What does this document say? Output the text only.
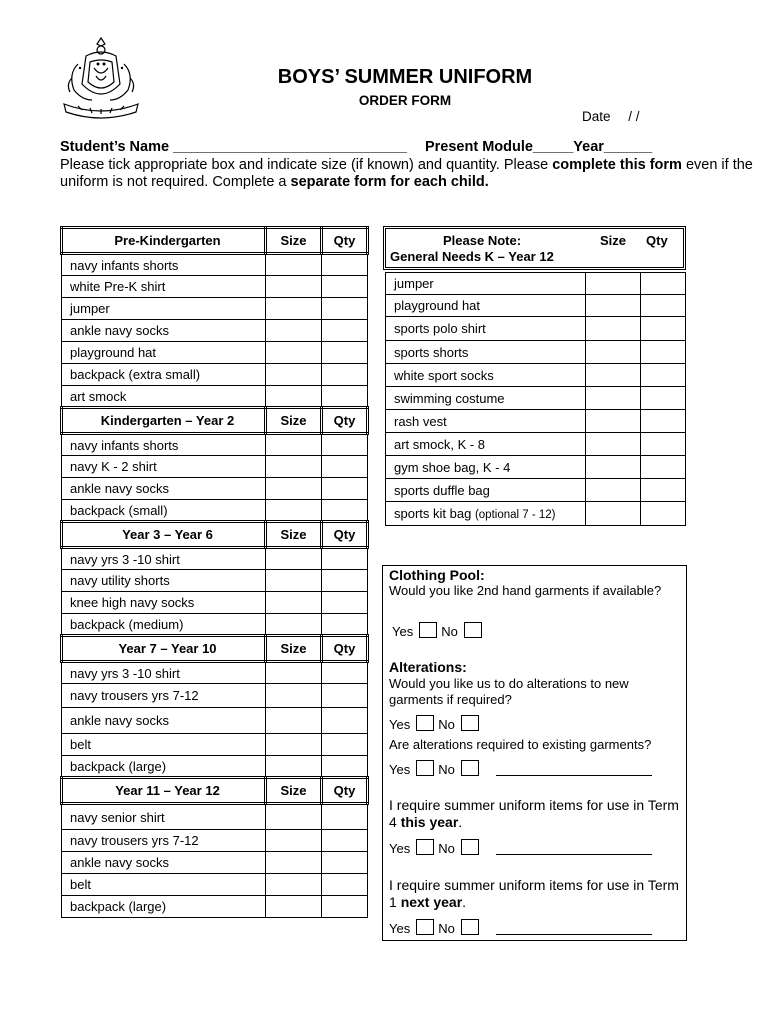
BOYS’ SUMMER UNIFORM
ORDER FORM
Date / /
Student’s Name _____________________________ Present Module_____Year______
Please tick appropriate box and indicate size (if known) and quantity. Please complete this form even if the uniform is not required. Complete a separate form for each child.
Pre-Kindergarten	Size	Qty
navy infants shorts		
white Pre-K shirt		
jumper		
ankle navy socks		
playground hat		
backpack (extra small)		
art smock		
Kindergarten – Year 2	Size	Qty
navy infants shorts		
navy K - 2 shirt		
ankle navy socks		
backpack (small)		
Year 3 – Year 6	Size	Qty
navy yrs 3 -10 shirt		
navy utility shorts		
knee high navy socks		
backpack (medium)		
Year 7 – Year 10	Size	Qty
navy yrs 3 -10 shirt		
navy trousers yrs 7-12		
ankle navy socks		
belt		
backpack (large)		
Year 11 – Year 12	Size	Qty
navy senior shirt		
navy trousers yrs 7-12		
ankle navy socks		
belt		
backpack (large)		
Please Note:	Size Qty
General Needs K – Year 12
jumper		
playground hat		
sports polo shirt		
sports shorts		
white sport socks		
swimming costume		
rash vest		
art smock, K - 8		
gym shoe bag, K - 4		
sports duffle bag		
sports kit bag (optional 7 - 12)		
Clothing Pool:
Would you like 2nd hand garments if available?
Yes No
Alterations:
Would you like us to do alterations to new garments if required?
Yes No
Are alterations required to existing garments?
Yes No
I require summer uniform items for use in Term 4 this year.
Yes No
I require summer uniform items for use in Term 1 next year.
Yes No
